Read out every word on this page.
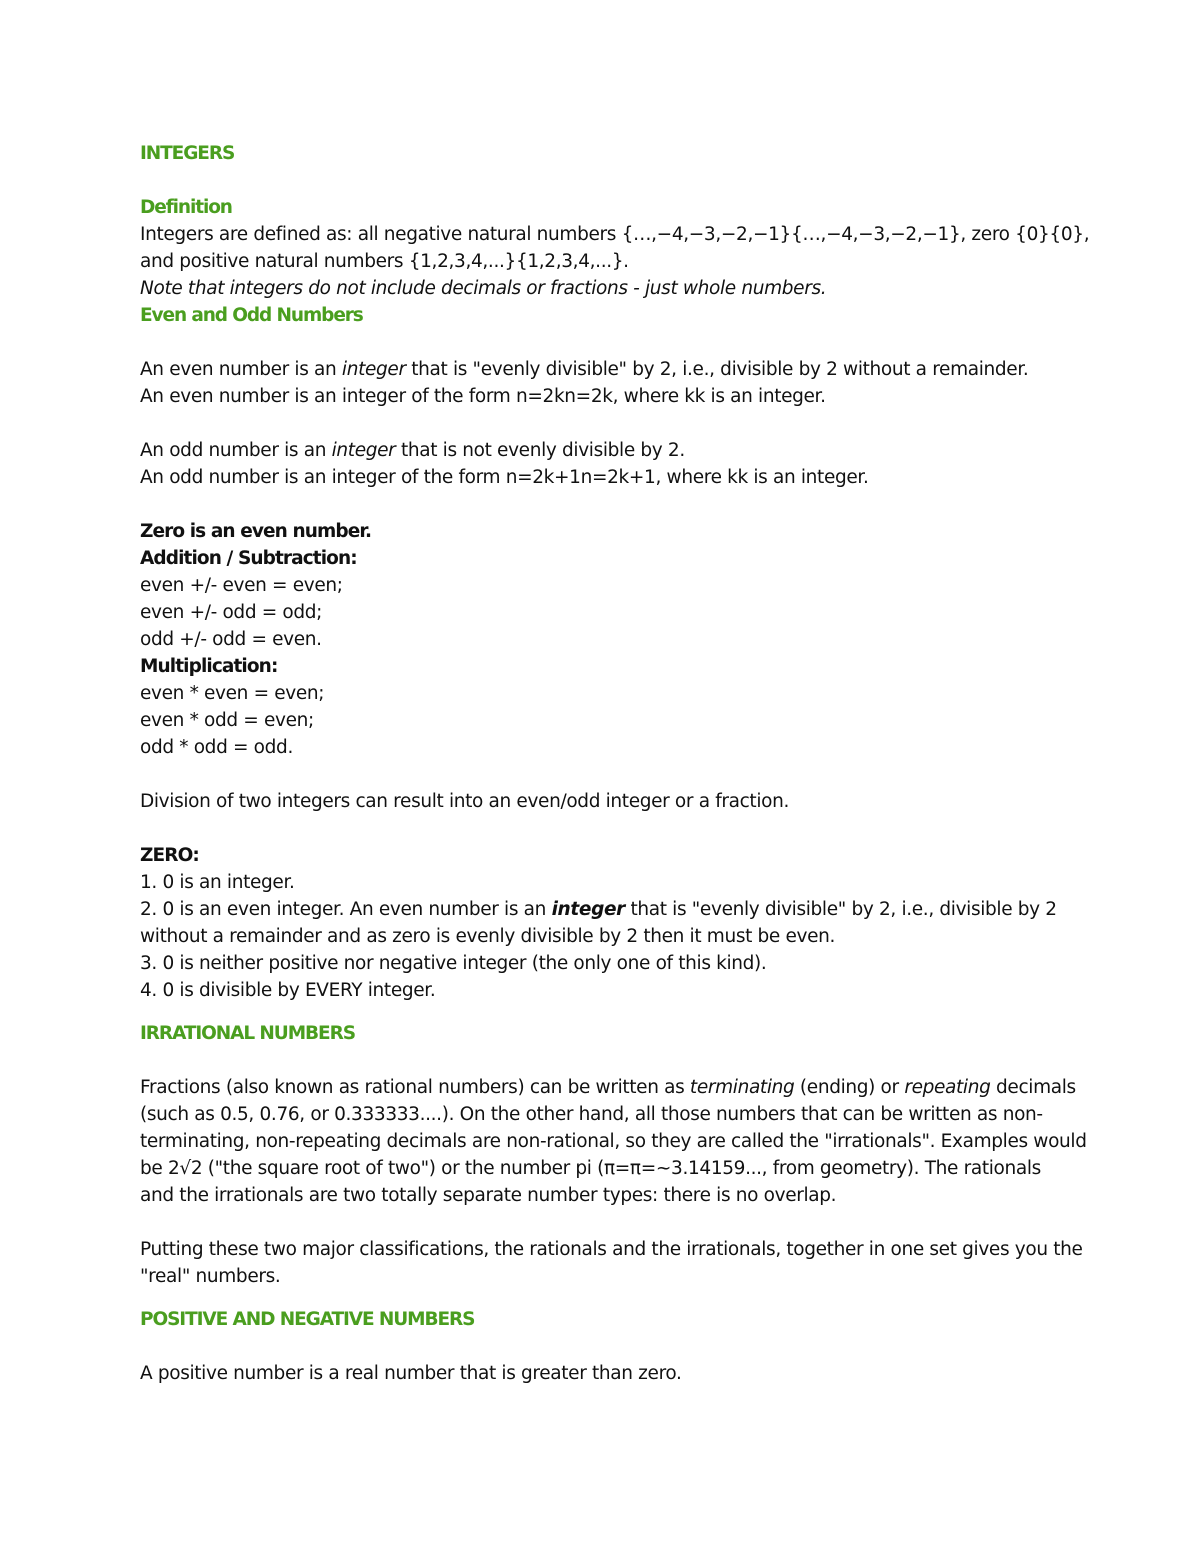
INTEGERS
Definition
Integers are defined as: all negative natural numbers {…,−4,−3,−2,−1}{…,−4,−3,−2,−1}, zero {0}{0},
and positive natural numbers {1,2,3,4,...}{1,2,3,4,...}.
Note that integers do not include decimals or fractions - just whole numbers.
Even and Odd Numbers
An even number is an integer that is "evenly divisible" by 2, i.e., divisible by 2 without a remainder.
An even number is an integer of the form n=2kn=2k, where kk is an integer.
An odd number is an integer that is not evenly divisible by 2.
An odd number is an integer of the form n=2k+1n=2k+1, where kk is an integer.
Zero is an even number.
Addition / Subtraction:
even +/- even = even;
even +/- odd = odd;
odd +/- odd = even.
Multiplication:
even * even = even;
even * odd = even;
odd * odd = odd.
Division of two integers can result into an even/odd integer or a fraction.
ZERO:
1. 0 is an integer.
2. 0 is an even integer. An even number is an integer that is "evenly divisible" by 2, i.e., divisible by 2
without a remainder and as zero is evenly divisible by 2 then it must be even.
3. 0 is neither positive nor negative integer (the only one of this kind).
4. 0 is divisible by EVERY integer.
IRRATIONAL NUMBERS
Fractions (also known as rational numbers) can be written as terminating (ending) or repeating decimals
(such as 0.5, 0.76, or 0.333333....). On the other hand, all those numbers that can be written as non-
terminating, non-repeating decimals are non-rational, so they are called the "irrationals". Examples would
be 2√2 ("the square root of two") or the number pi (π=π=~3.14159..., from geometry). The rationals
and the irrationals are two totally separate number types: there is no overlap.
Putting these two major classifications, the rationals and the irrationals, together in one set gives you the
"real" numbers.
POSITIVE AND NEGATIVE NUMBERS
A positive number is a real number that is greater than zero.
